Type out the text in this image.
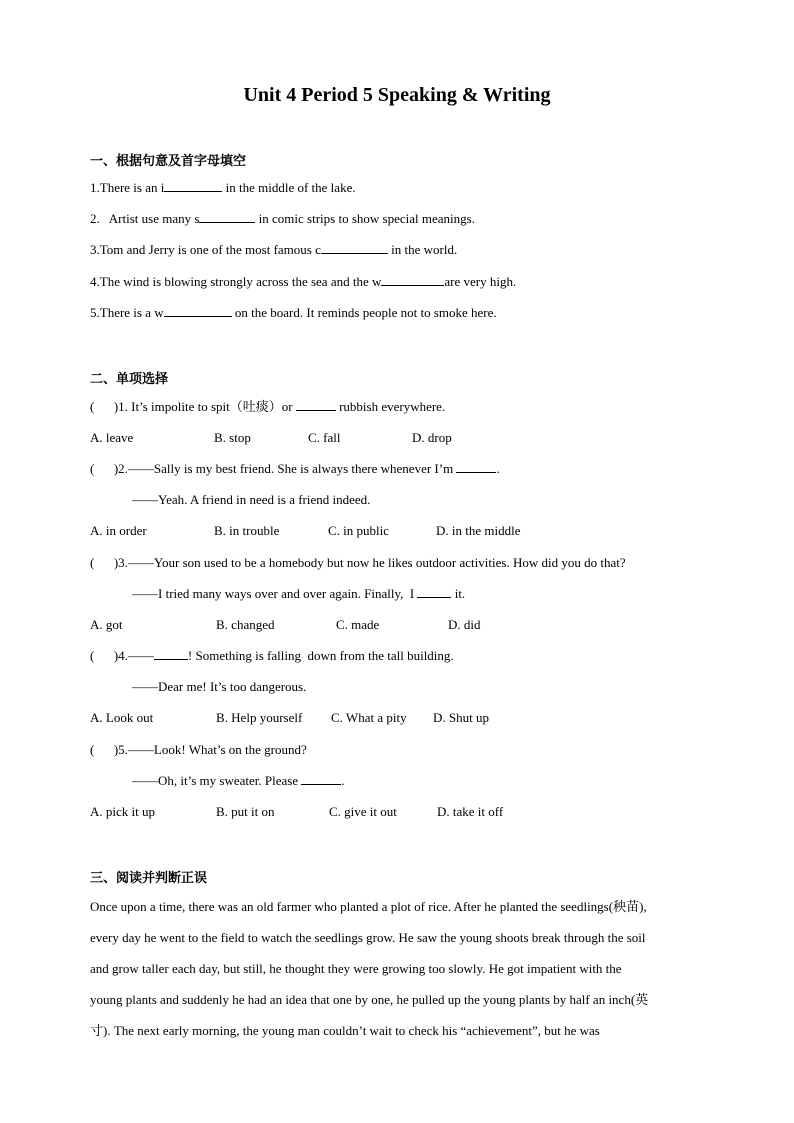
Unit 4 Period 5 Speaking & Writing
一、根据句意及首字母填空
1.There is an i	in the middle of the lake.
2.   Artist use many s	in comic strips to show special meanings.
3.Tom and Jerry is one of the most famous c	in the world.
4.The wind is blowing strongly across the sea and the w	are very high.
5.There is a w	on the board. It reminds people not to smoke here.
二、单项选择
(      )1. It’s impolite to spit（吐痰）or	rubbish everywhere.
A. leave	B. stop	C. fall	D. drop
(      )2.——Sally is my best friend. She is always there whenever I’m	.
——Yeah. A friend in need is a friend indeed.
A. in order	B. in trouble	C. in public	D. in the middle
(      )3.——Your son used to be a homebody but now he likes outdoor activities. How did you do that?
——I tried many ways over and over again. Finally,  I	it.
A. got	B. changed	C. made	D. did
(      )4.——	! Something is falling  down from the tall building.
——Dear me! It’s too dangerous.
A. Look out	B. Help yourself C. What a pity D. Shut up
(      )5.——Look! What’s on the ground?
——Oh, it’s my sweater. Please	.
A. pick it up	B. put it on	C. give it out	D. take it off
三、阅读并判断正误
Once upon a time, there was an old farmer who planted a plot of rice. After he planted the seedlings(秧苗),
every day he went to the field to watch the seedlings grow. He saw the young shoots break through the soil
and grow taller each day, but still, he thought they were growing too slowly. He got impatient with the
young plants and suddenly he had an idea that one by one, he pulled up the young plants by half an inch(英
寸). The next early morning, the young man couldn’t wait to check his “achievement”, but he was
